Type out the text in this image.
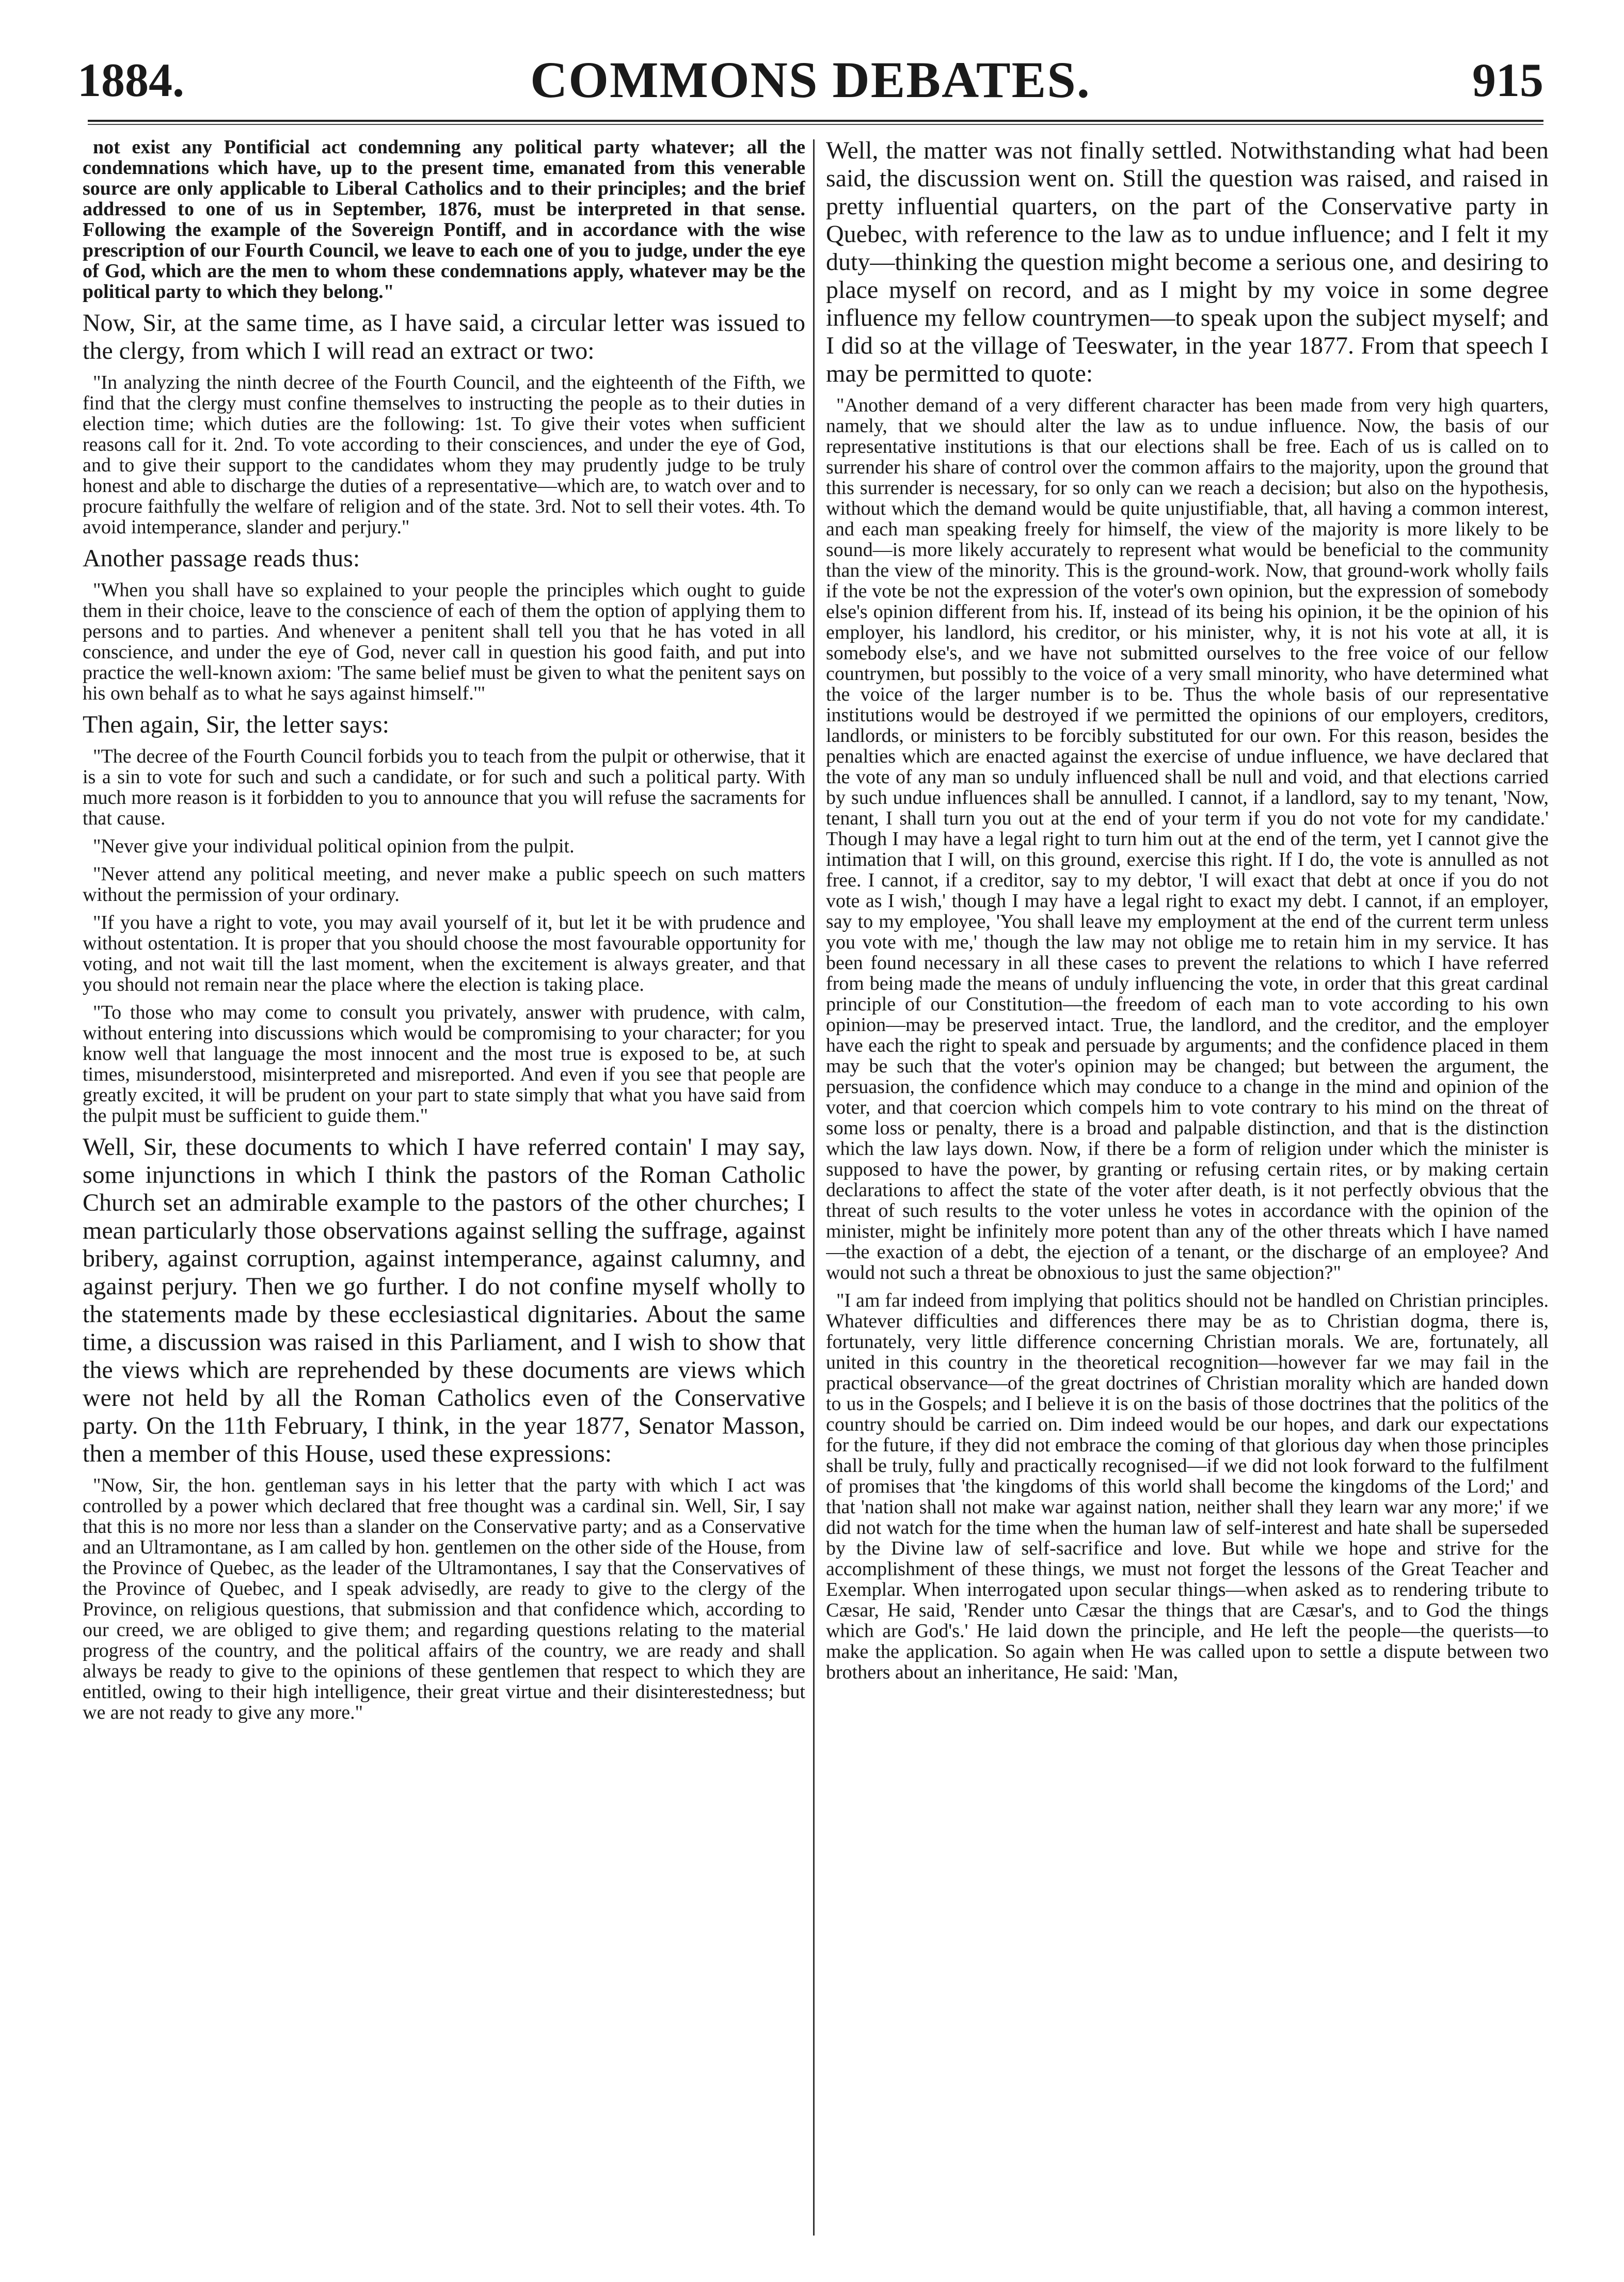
1884.	COMMONS DEBATES.	915

not exist any Pontificial act condemning any political party whatever; all the condemnations which have, up to the present time, emanated from this venerable source are only applicable to Liberal Catholics and to their principles; and the brief addressed to one of us in September, 1876, must be interpreted in that sense. Following the example of the Sovereign Pontiff, and in accordance with the wise prescription of our Fourth Council, we leave to each one of you to judge, under the eye of God, which are the men to whom these condemnations apply, whatever may be the political party to which they belong."

Now, Sir, at the same time, as I have said, a circular letter was issued to the clergy, from which I will read an extract or two:

"In analyzing the ninth decree of the Fourth Council, and the eighteenth of the Fifth, we find that the clergy must confine themselves to instructing the people as to their duties in election time; which duties are the following: 1st. To give their votes when sufficient reasons call for it. 2nd. To vote according to their consciences, and under the eye of God, and to give their support to the candidates whom they may prudently judge to be truly honest and able to discharge the duties of a representative—which are, to watch over and to procure faithfully the welfare of religion and of the state. 3rd. Not to sell their votes. 4th. To avoid intemperance, slander and perjury."

Another passage reads thus:

"When you shall have so explained to your people the principles which ought to guide them in their choice, leave to the conscience of each of them the option of applying them to persons and to parties. And whenever a penitent shall tell you that he has voted in all conscience, and under the eye of God, never call in question his good faith, and put into practice the well-known axiom: 'The same belief must be given to what the penitent says on his own behalf as to what he says against himself.'"

Then again, Sir, the letter says:

"The decree of the Fourth Council forbids you to teach from the pulpit or otherwise, that it is a sin to vote for such and such a candidate, or for such and such a political party. With much more reason is it forbidden to you to announce that you will refuse the sacraments for that cause.

"Never give your individual political opinion from the pulpit.

"Never attend any political meeting, and never make a public speech on such matters without the permission of your ordinary.

"If you have a right to vote, you may avail yourself of it, but let it be with prudence and without ostentation. It is proper that you should choose the most favourable opportunity for voting, and not wait till the last moment, when the excitement is always greater, and that you should not remain near the place where the election is taking place.

"To those who may come to consult you privately, answer with prudence, with calm, without entering into discussions which would be compromising to your character; for you know well that language the most innocent and the most true is exposed to be, at such times, misunderstood, misinterpreted and misreported. And even if you see that people are greatly excited, it will be prudent on your part to state simply that what you have said from the pulpit must be sufficient to guide them."

Well, Sir, these documents to which I have referred contain' I may say, some injunctions in which I think the pastors of the Roman Catholic Church set an admirable example to the pastors of the other churches; I mean particularly those observations against selling the suffrage, against bribery, against corruption, against intemperance, against calumny, and against perjury. Then we go further. I do not confine myself wholly to the statements made by these ecclesiastical dignitaries. About the same time, a discussion was raised in this Parliament, and I wish to show that the views which are reprehended by these documents are views which were not held by all the Roman Catholics even of the Conservative party. On the 11th February, I think, in the year 1877, Senator Masson, then a member of this House, used these expressions:

"Now, Sir, the hon. gentleman says in his letter that the party with which I act was controlled by a power which declared that free thought was a cardinal sin. Well, Sir, I say that this is no more nor less than a slander on the Conservative party; and as a Conservative and an Ultramontane, as I am called by hon. gentlemen on the other side of the House, from the Province of Quebec, as the leader of the Ultramontanes, I say that the Conservatives of the Province of Quebec, and I speak advisedly, are ready to give to the clergy of the Province, on religious questions, that submission and that confidence which, according to our creed, we are obliged to give them; and regarding questions relating to the material progress of the country, and the political affairs of the country, we are ready and shall always be ready to give to the opinions of these gentlemen that respect to which they are entitled, owing to their high intelligence, their great virtue and their disinterestedness; but we are not ready to give any more."

Well, the matter was not finally settled. Notwithstanding what had been said, the discussion went on. Still the question was raised, and raised in pretty influential quarters, on the part of the Conservative party in Quebec, with reference to the law as to undue influence; and I felt it my duty—thinking the question might become a serious one, and desiring to place myself on record, and as I might by my voice in some degree influence my fellow countrymen—to speak upon the subject myself; and I did so at the village of Teeswater, in the year 1877. From that speech I may be permitted to quote:

"Another demand of a very different character has been made from very high quarters, namely, that we should alter the law as to undue influence. Now, the basis of our representative institutions is that our elections shall be free. Each of us is called on to surrender his share of control over the common affairs to the majority, upon the ground that this surrender is necessary, for so only can we reach a decision; but also on the hypothesis, without which the demand would be quite unjustifiable, that, all having a common interest, and each man speaking freely for himself, the view of the majority is more likely to be sound—is more likely accurately to represent what would be beneficial to the community than the view of the minority. This is the ground-work. Now, that ground-work wholly fails if the vote be not the expression of the voter's own opinion, but the expression of somebody else's opinion different from his. If, instead of its being his opinion, it be the opinion of his employer, his landlord, his creditor, or his minister, why, it is not his vote at all, it is somebody else's, and we have not submitted ourselves to the free voice of our fellow countrymen, but possibly to the voice of a very small minority, who have determined what the voice of the larger number is to be. Thus the whole basis of our representative institutions would be destroyed if we permitted the opinions of our employers, creditors, landlords, or ministers to be forcibly substituted for our own. For this reason, besides the penalties which are enacted against the exercise of undue influence, we have declared that the vote of any man so unduly influenced shall be null and void, and that elections carried by such undue influences shall be annulled. I cannot, if a landlord, say to my tenant, 'Now, tenant, I shall turn you out at the end of your term if you do not vote for my candidate.' Though I may have a legal right to turn him out at the end of the term, yet I cannot give the intimation that I will, on this ground, exercise this right. If I do, the vote is annulled as not free. I cannot, if a creditor, say to my debtor, 'I will exact that debt at once if you do not vote as I wish,' though I may have a legal right to exact my debt. I cannot, if an employer, say to my employee, 'You shall leave my employment at the end of the current term unless you vote with me,' though the law may not oblige me to retain him in my service. It has been found necessary in all these cases to prevent the relations to which I have referred from being made the means of unduly influencing the vote, in order that this great cardinal principle of our Constitution—the freedom of each man to vote according to his own opinion—may be preserved intact. True, the landlord, and the creditor, and the employer have each the right to speak and persuade by arguments; and the confidence placed in them may be such that the voter's opinion may be changed; but between the argument, the persuasion, the confidence which may conduce to a change in the mind and opinion of the voter, and that coercion which compels him to vote contrary to his mind on the threat of some loss or penalty, there is a broad and palpable distinction, and that is the distinction which the law lays down. Now, if there be a form of religion under which the minister is supposed to have the power, by granting or refusing certain rites, or by making certain declarations to affect the state of the voter after death, is it not perfectly obvious that the threat of such results to the voter unless he votes in accordance with the opinion of the minister, might be infinitely more potent than any of the other threats which I have named—the exaction of a debt, the ejection of a tenant, or the discharge of an employee? And would not such a threat be obnoxious to just the same objection?"

"I am far indeed from implying that politics should not be handled on Christian principles. Whatever difficulties and differences there may be as to Christian dogma, there is, fortunately, very little difference concerning Christian morals. We are, fortunately, all united in this country in the theoretical recognition—however far we may fail in the practical observance—of the great doctrines of Christian morality which are handed down to us in the Gospels; and I believe it is on the basis of those doctrines that the politics of the country should be carried on. Dim indeed would be our hopes, and dark our expectations for the future, if they did not embrace the coming of that glorious day when those principles shall be truly, fully and practically recognised—if we did not look forward to the fulfilment of promises that 'the kingdoms of this world shall become the kingdoms of the Lord;' and that 'nation shall not make war against nation, neither shall they learn war any more;' if we did not watch for the time when the human law of self-interest and hate shall be superseded by the Divine law of self-sacrifice and love. But while we hope and strive for the accomplishment of these things, we must not forget the lessons of the Great Teacher and Exemplar. When interrogated upon secular things—when asked as to rendering tribute to Cæsar, He said, 'Render unto Cæsar the things that are Cæsar's, and to God the things which are God's.' He laid down the principle, and He left the people—the querists—to make the application. So again when He was called upon to settle a dispute between two brothers about an inheritance, He said: 'Man,
